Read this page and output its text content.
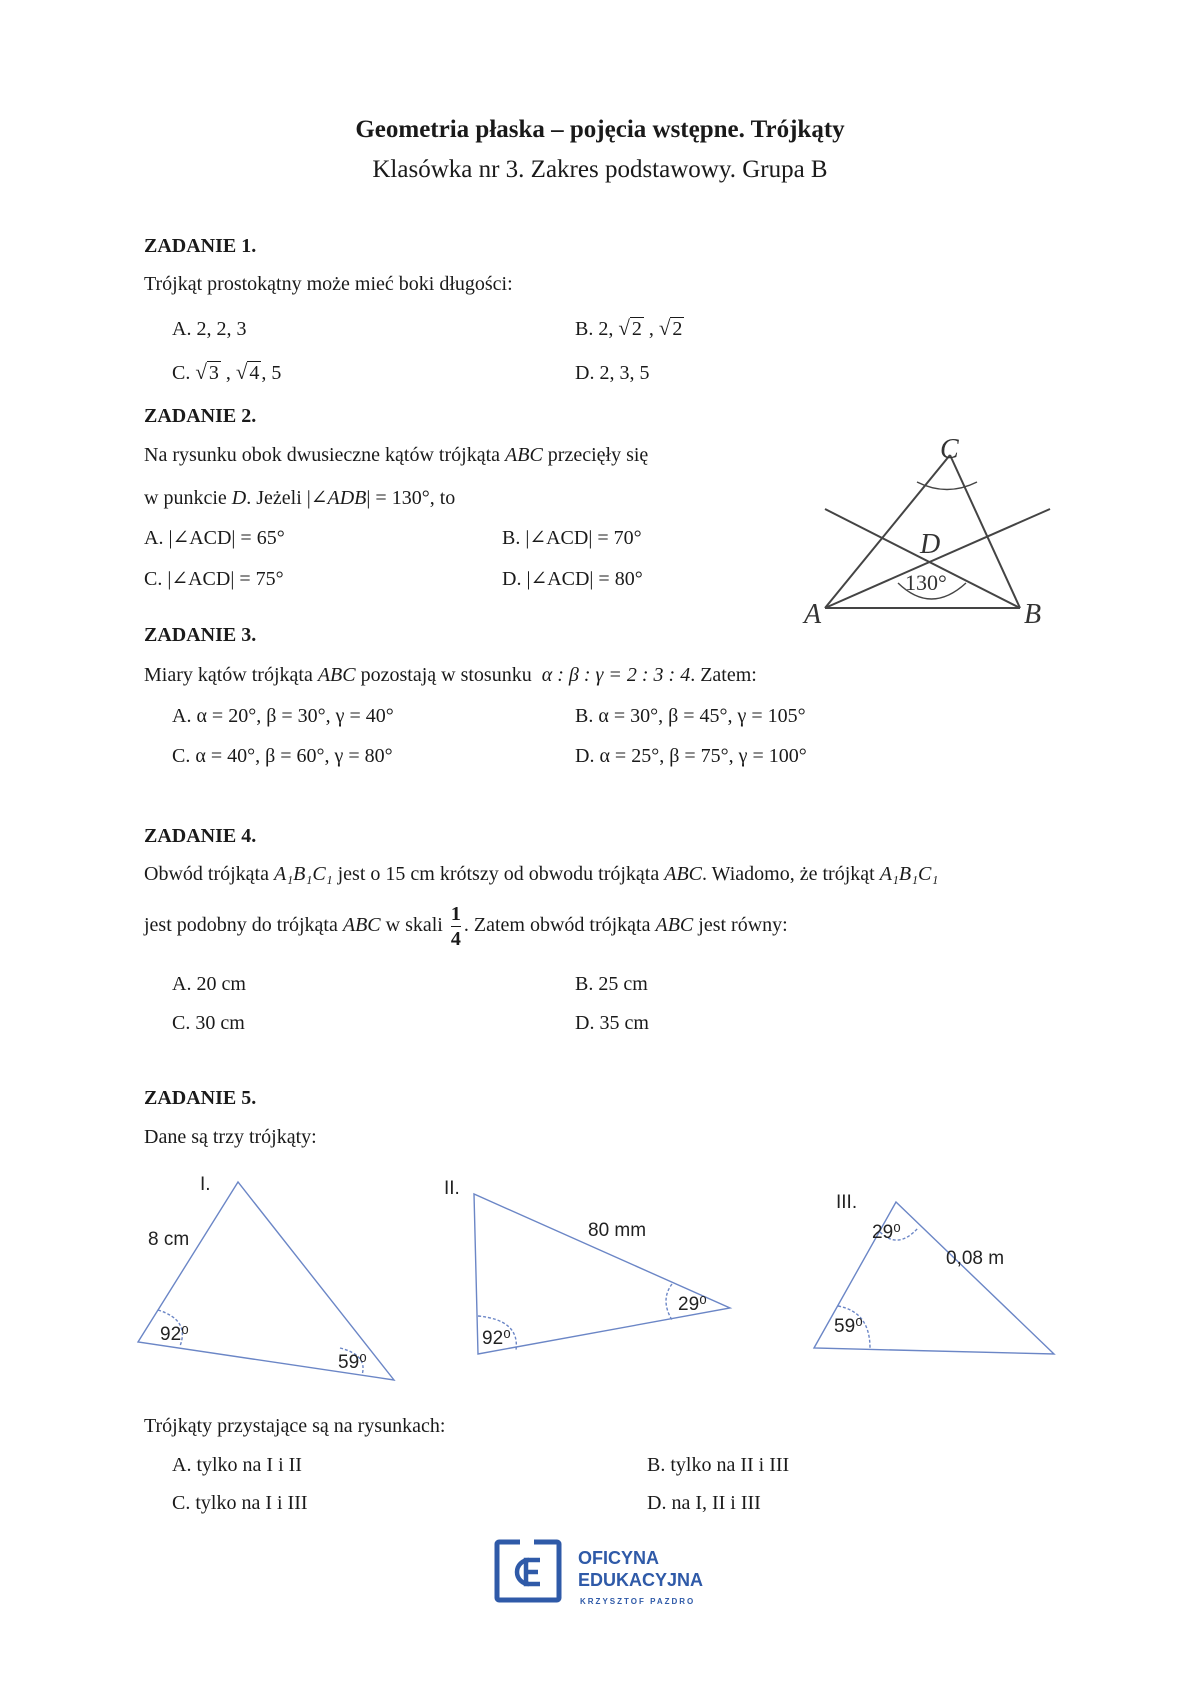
Geometria płaska – pojęcia wstępne. Trójkąty
Klasówka nr 3. Zakres podstawowy. Grupa B
ZADANIE 1.
Trójkąt prostokątny może mieć boki długości:
A. 2, 2, 3	B. 2, √ 2 , √ 2
C. √ 3 , √ 4 , 5	D. 2, 3, 5
ZADANIE 2.
Na rysunku obok dwusieczne kątów trójkąta ABC przecięły się
w punkcie D. Jeżeli |∠ADB| = 130°, to
A. |∠ACD| = 65°	B. |∠ACD| = 70°
C. |∠ACD| = 75°	D. |∠ACD| = 80°
C
D
A	B
130°
ZADANIE 3.
Miary kątów trójkąta ABC pozostają w stosunku α : β : γ = 2 : 3 : 4. Zatem:
A. α = 20°, β = 30°, γ = 40°	B. α = 30°, β = 45°, γ = 105°
C. α = 40°, β = 60°, γ = 80°	D. α = 25°, β = 75°, γ = 100°
ZADANIE 4.
Obwód trójkąta A₁B₁C₁ jest o 15 cm krótszy od obwodu trójkąta ABC. Wiadomo, że trójkąt A₁B₁C₁
jest podobny do trójkąta ABC w skali $\frac{1}{4}$ . Zatem obwód trójkąta ABC jest równy:
A. 20 cm	B. 25 cm
C. 30 cm	D. 35 cm
ZADANIE 5.
Dane są trzy trójkąty:
I.
8 cm
92⁰
59⁰
II.
80 mm
92⁰
29⁰
III.
29⁰
0,08 m
59⁰
Trójkąty przystające są na rysunkach:
A. tylko na I i II	B. tylko na II i III
C. tylko na I i III	D. na I, II i III
OFICYNA
EDUKACYJNA
KRZYSZTOF PAZDRO
